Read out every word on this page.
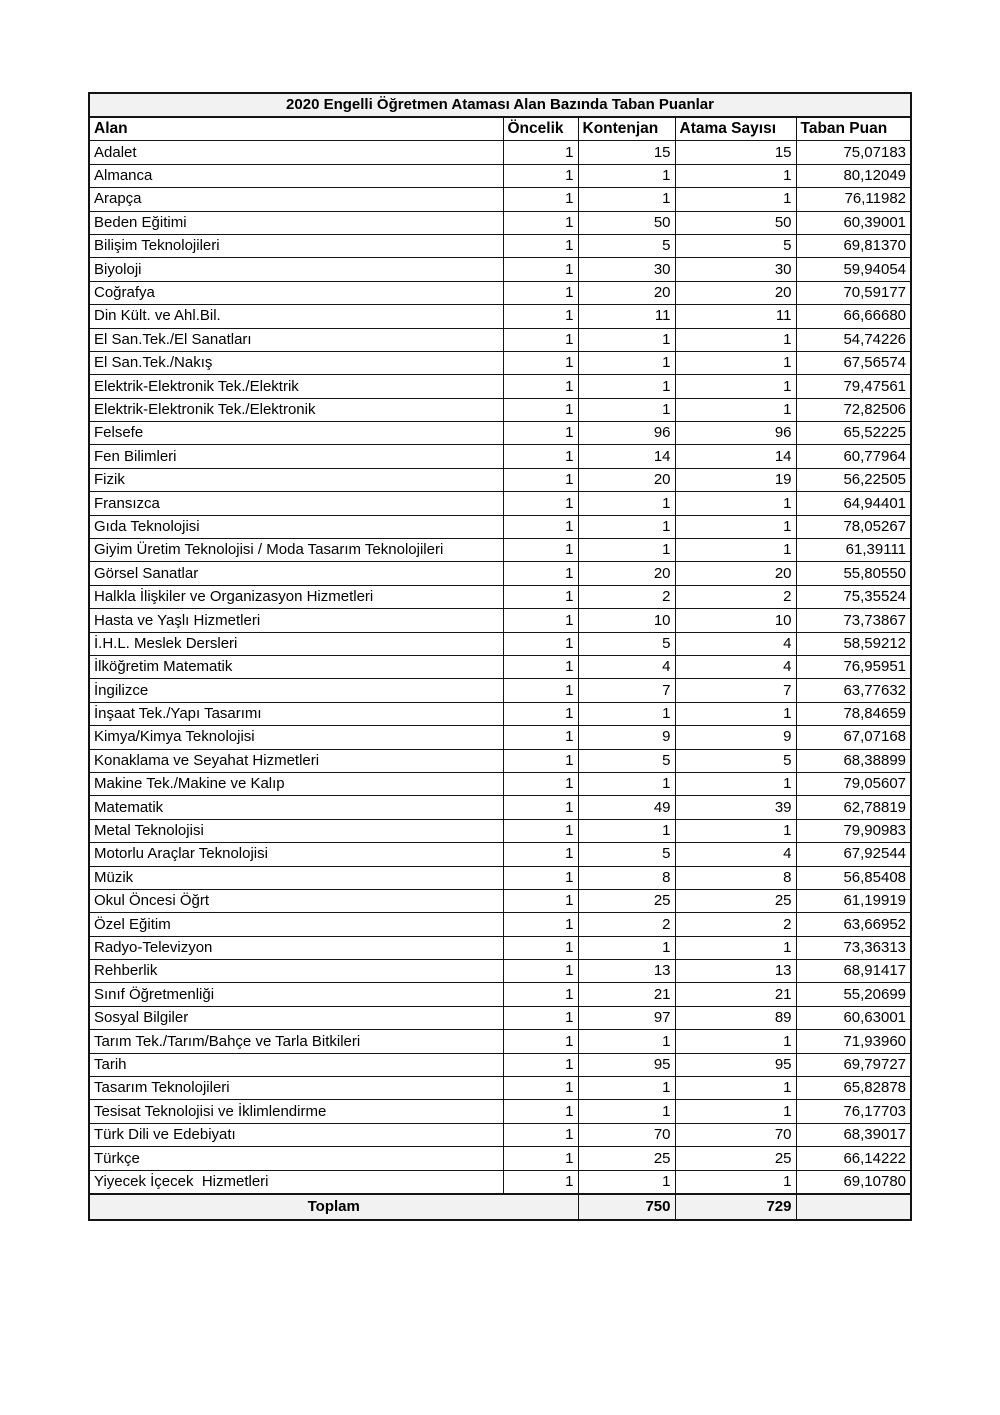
2020 Engelli Öğretmen Ataması Alan Bazında Taban Puanlar				
Alan	Öncelik	Kontenjan	Atama Sayısı	Taban Puan
Adalet	1	15	15	75,07183
Almanca	1	1	1	80,12049
Arapça	1	1	1	76,11982
Beden Eğitimi	1	50	50	60,39001
Bilişim Teknolojileri	1	5	5	69,81370
Biyoloji	1	30	30	59,94054
Coğrafya	1	20	20	70,59177
Din Kült. ve Ahl.Bil.	1	11	11	66,66680
El San.Tek./El Sanatları	1	1	1	54,74226
El San.Tek./Nakış	1	1	1	67,56574
Elektrik-Elektronik Tek./Elektrik	1	1	1	79,47561
Elektrik-Elektronik Tek./Elektronik	1	1	1	72,82506
Felsefe	1	96	96	65,52225
Fen Bilimleri	1	14	14	60,77964
Fizik	1	20	19	56,22505
Fransızca	1	1	1	64,94401
Gıda Teknolojisi	1	1	1	78,05267
Giyim Üretim Teknolojisi / Moda Tasarım Teknolojileri	1	1	1	61,39111
Görsel Sanatlar	1	20	20	55,80550
Halkla İlişkiler ve Organizasyon Hizmetleri	1	2	2	75,35524
Hasta ve Yaşlı Hizmetleri	1	10	10	73,73867
İ.H.L. Meslek Dersleri	1	5	4	58,59212
İlköğretim Matematik	1	4	4	76,95951
İngilizce	1	7	7	63,77632
İnşaat Tek./Yapı Tasarımı	1	1	1	78,84659
Kimya/Kimya Teknolojisi	1	9	9	67,07168
Konaklama ve Seyahat Hizmetleri	1	5	5	68,38899
Makine Tek./Makine ve Kalıp	1	1	1	79,05607
Matematik	1	49	39	62,78819
Metal Teknolojisi	1	1	1	79,90983
Motorlu Araçlar Teknolojisi	1	5	4	67,92544
Müzik	1	8	8	56,85408
Okul Öncesi Öğrt	1	25	25	61,19919
Özel Eğitim	1	2	2	63,66952
Radyo-Televizyon	1	1	1	73,36313
Rehberlik	1	13	13	68,91417
Sınıf Öğretmenliği	1	21	21	55,20699
Sosyal Bilgiler	1	97	89	60,63001
Tarım Tek./Tarım/Bahçe ve Tarla Bitkileri	1	1	1	71,93960
Tarih	1	95	95	69,79727
Tasarım Teknolojileri	1	1	1	65,82878
Tesisat Teknolojisi ve İklimlendirme	1	1	1	76,17703
Türk Dili ve Edebiyatı	1	70	70	68,39017
Türkçe	1	25	25	66,14222
Yiyecek İçecek  Hizmetleri	1	1	1	69,10780
Toplam		750	729	
